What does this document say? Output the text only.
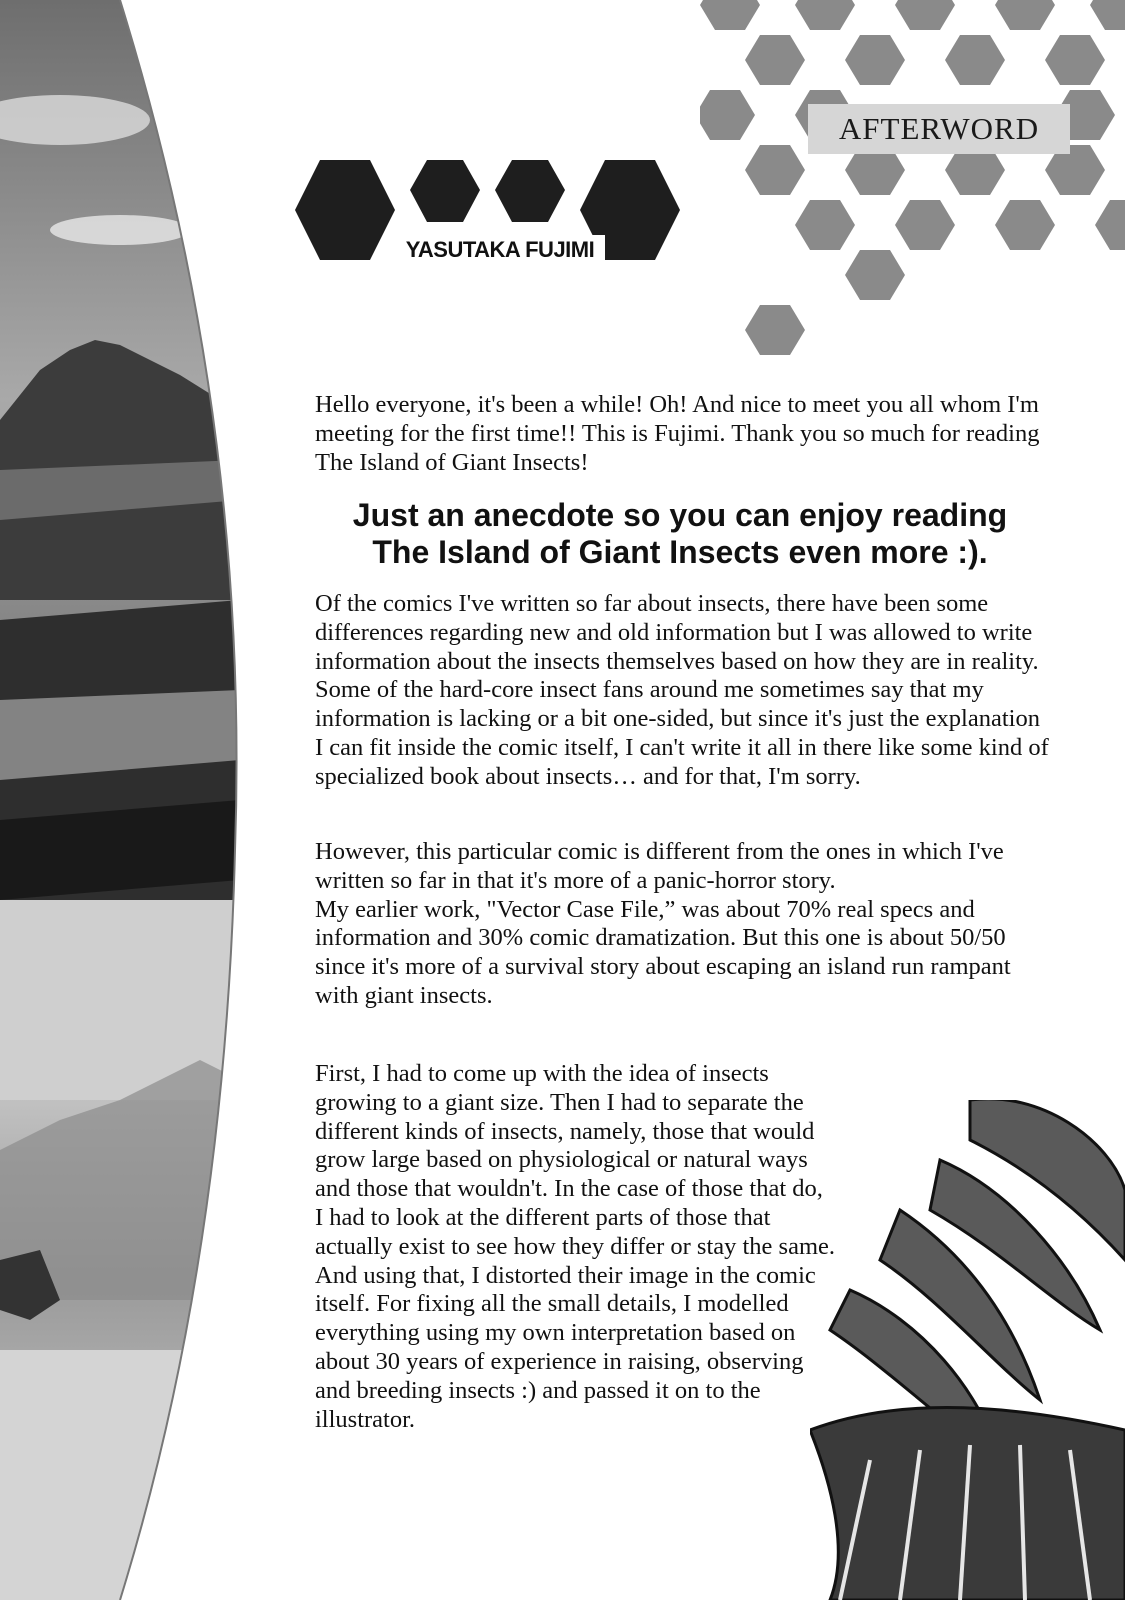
AFTERWORD
YASUTAKA FUJIMI

Hello everyone, it's been a while! Oh! And nice to meet you all whom I'm meeting for the first time!! This is Fujimi. Thank you so much for reading The Island of Giant Insects!

Just an anecdote so you can enjoy reading
The Island of Giant Insects even more :).

Of the comics I've written so far about insects, there have been some differences regarding new and old information but I was allowed to write information about the insects themselves based on how they are in reality. Some of the hard-core insect fans around me sometimes say that my information is lacking or a bit one-sided, but since it's just the explanation I can fit inside the comic itself, I can't write it all in there like some kind of specialized book about insects… and for that, I'm sorry.

However, this particular comic is different from the ones in which I've written so far in that it's more of a panic-horror story.
My earlier work, "Vector Case File,” was about 70% real specs and information and 30% comic dramatization. But this one is about 50/50 since it's more of a survival story about escaping an island run rampant with giant insects.

First, I had to come up with the idea of insects growing to a giant size. Then I had to separate the different kinds of insects, namely, those that would grow large based on physiological or natural ways and those that wouldn't. In the case of those that do, I had to look at the different parts of those that actually exist to see how they differ or stay the same. And using that, I distorted their image in the comic itself. For fixing all the small details, I modelled everything using my own interpretation based on about 30 years of experience in raising, observing and breeding insects :) and passed it on to the illustrator.
